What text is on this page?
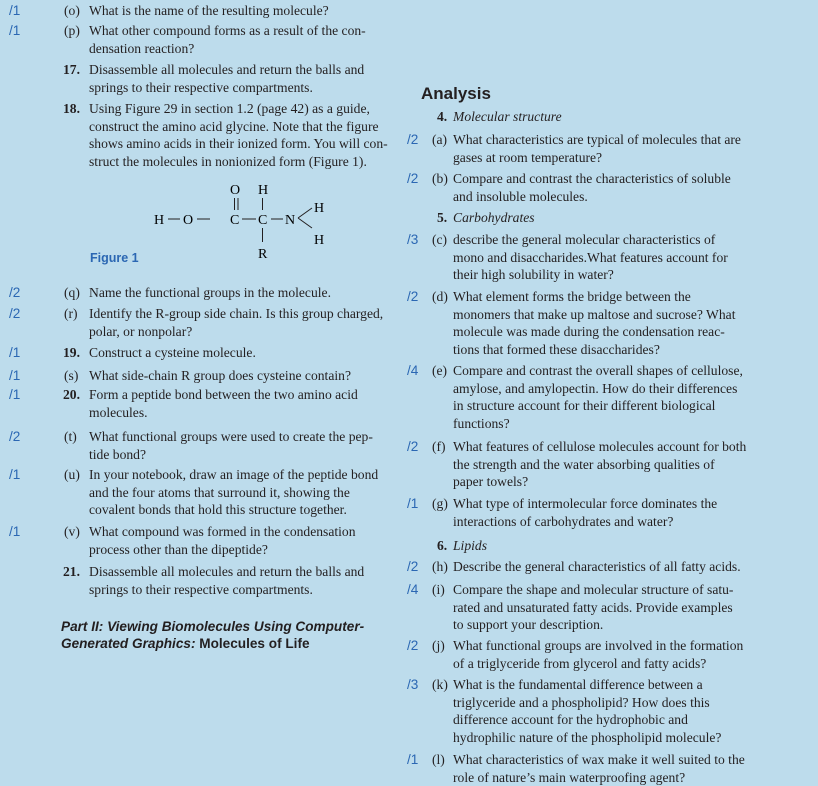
/1	(o) What is the name of the resulting molecule?
/1	(p) What other compound forms as a result of the con-
densation reaction?
17. Disassemble all molecules and return the balls and
springs to their respective compartments.
18. Using Figure 29 in section 1.2 (page 42) as a guide,
construct the amino acid glycine. Note that the figure
shows amino acids in their ionized form. You will con-
struct the molecules in nonionized form (Figure 1).
/2	(q) Name the functional groups in the molecule.
/2	(r) Identify the R-group side chain. Is this group charged,
polar, or nonpolar?
/1	19. Construct a cysteine molecule.
/1	(s) What side-chain R group does cysteine contain?
/1	20. Form a peptide bond between the two amino acid
molecules.
/2	(t) What functional groups were used to create the pep-
tide bond?
/1	(u) In your notebook, draw an image of the peptide bond
and the four atoms that surround it, showing the
covalent bonds that hold this structure together.
/1	(v) What compound was formed in the condensation
process other than the dipeptide?
21. Disassemble all molecules and return the balls and
springs to their respective compartments.
4. Molecular structure
/2	(a) What characteristics are typical of molecules that are
gases at room temperature?
/2	(b) Compare and contrast the characteristics of soluble
and insoluble molecules.
5. Carbohydrates
/3	(c) describe the general molecular characteristics of
mono and disaccharides.What features account for
their high solubility in water?
/2	(d) What element forms the bridge between the
monomers that make up maltose and sucrose? What
molecule was made during the condensation reac-
tions that formed these disaccharides?
/4	(e) Compare and contrast the overall shapes of cellulose,
amylose, and amylopectin. How do their differences
in structure account for their different biological
functions?
/2	(f) What features of cellulose molecules account for both
the strength and the water absorbing qualities of
paper towels?
/1	(g) What type of intermolecular force dominates the
interactions of carbohydrates and water?
6. Lipids
/2	(h) Describe the general characteristics of all fatty acids.
/4	(i) Compare the shape and molecular structure of satu-
rated and unsaturated fatty acids. Provide examples
to support your description.
/2	(j) What functional groups are involved in the formation
of a triglyceride from glycerol and fatty acids?
/3	(k) What is the fundamental difference between a
triglyceride and a phospholipid? How does this
difference account for the hydrophobic and
hydrophilic nature of the phospholipid molecule?
/1	(l) What characteristics of wax make it well suited to the
role of nature’s main waterproofing agent?
Analysis
O H
H O	C C N
H
H
R
Figure 1
Part II: Viewing Biomolecules Using Computer-
Generated Graphics: Molecules of Life
